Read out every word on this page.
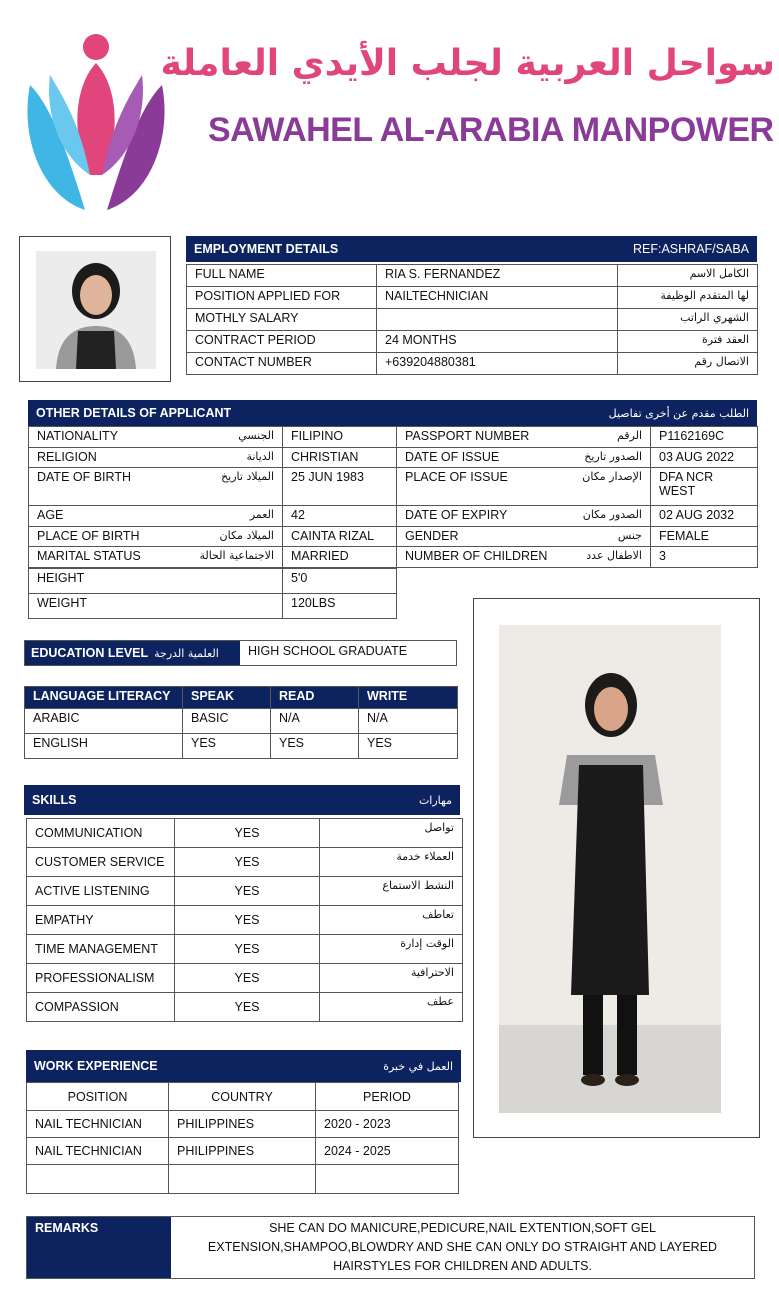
سواحل العربية لجلب الأيدي العاملة
SAWAHEL AL-ARABIA MANPOWER
EMPLOYMENT DETAILS	REF:ASHRAF/SABA
FULL NAME	RIA S. FERNANDEZ	الكامل الاسم
POSITION APPLIED FOR	NAILTECHNICIAN	لها المتقدم الوظيفة
MOTHLY SALARY		الشهري الراتب
CONTRACT PERIOD	24 MONTHS	العقد فترة
CONTACT NUMBER	+639204880381	الاتصال رقم
OTHER DETAILS OF APPLICANT	الطلب مقدم عن أخرى تفاصيل
NATIONALITY الجنسي	FILIPINO	PASSPORT NUMBER الرقم	P1162169C

RELIGION الديانة	CHRISTIAN	DATE OF ISSUE الصدور تاريخ	03 AUG 2022

DATE OF BIRTH الميلاد تاريخ	25 JUN 1983	PLACE OF ISSUE الإصدار مكان	DFA NCR WEST

AGE العمر	42	DATE OF EXPIRY الصدور مكان	02 AUG 2032

PLACE OF BIRTH الميلاد مكان	CAINTA RIZAL	GENDER جنس	FEMALE

MARITAL STATUS الاجتماعية الحالة	MARRIED	NUMBER OF CHILDREN الاطفال عدد	3
HEIGHT	5'0
WEIGHT	120LBS
EDUCATION LEVEL العلمية الدرجة	HIGH SCHOOL GRADUATE
LANGUAGE LITERACY	SPEAK	READ	WRITE
ARABIC	BASIC	N/A	N/A
ENGLISH	YES	YES	YES
SKILLS	مهارات
COMMUNICATION	YES	تواصل
CUSTOMER SERVICE	YES	العملاء خدمة
ACTIVE LISTENING	YES	النشط الاستماع
EMPATHY	YES	تعاطف
TIME MANAGEMENT	YES	الوقت إدارة
PROFESSIONALISM	YES	الاحترافية
COMPASSION	YES	عطف
WORK EXPERIENCE	العمل في خبرة
POSITION	COUNTRY	PERIOD
NAIL TECHNICIAN	PHILIPPINES	2020 - 2023
NAIL TECHNICIAN	PHILIPPINES	2024 - 2025

REMARKS	SHE CAN DO MANICURE,PEDICURE,NAIL EXTENTION,SOFT GEL EXTENSION,SHAMPOO,BLOWDRY AND SHE CAN ONLY DO STRAIGHT AND LAYERED HAIRSTYLES FOR CHILDREN AND ADULTS.
